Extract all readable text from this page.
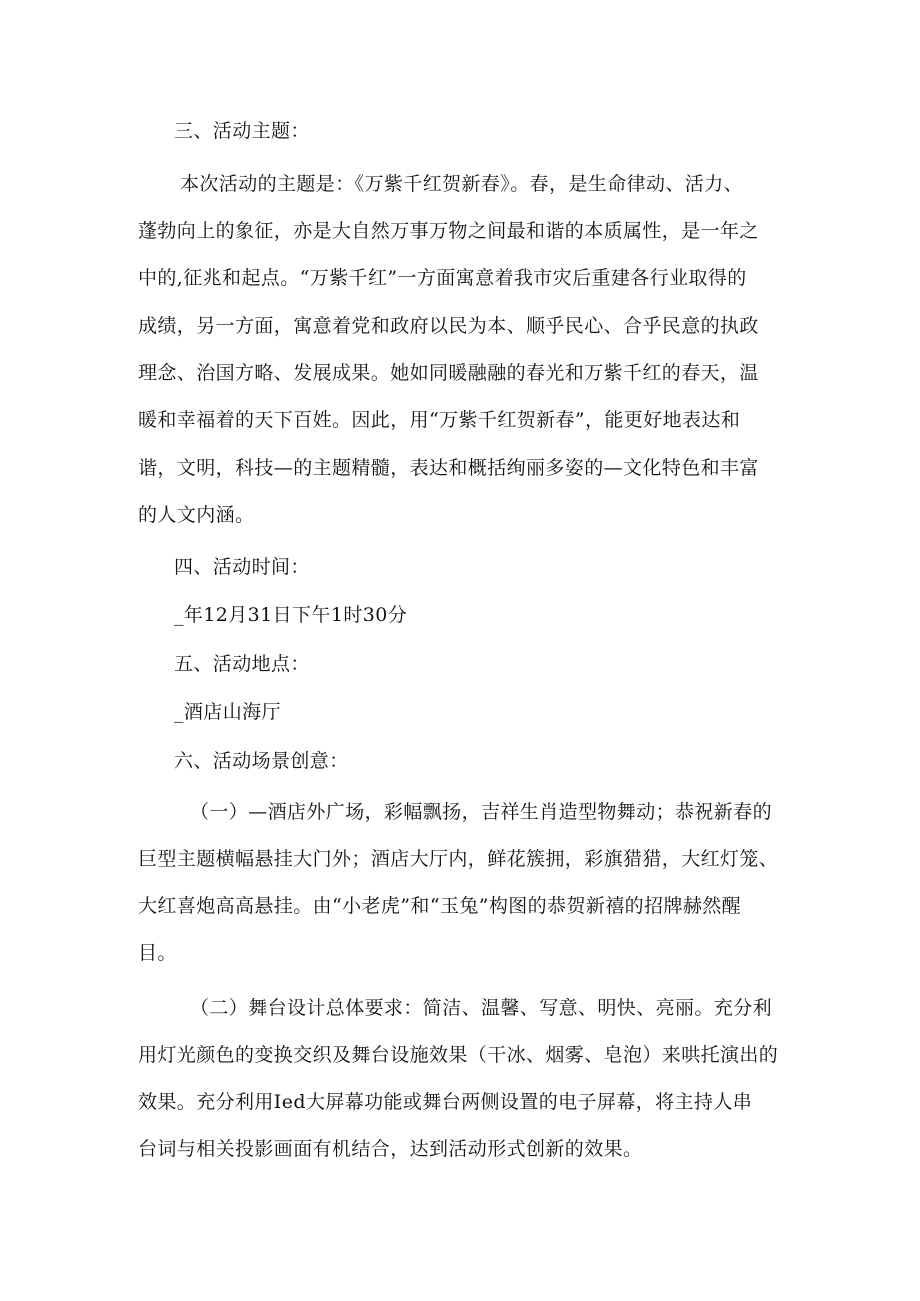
三、活动主题：

本次活动的主题是：《万紫千红贺新春》。春，是生命律动、活力、

蓬勃向上的象征，亦是大自然万事万物之间最和谐的本质属性，是一年之

中的,征兆和起点。“万紫千红”一方面寓意着我市灾后重建各行业取得的

成绩，另一方面，寓意着党和政府以民为本、顺乎民心、合乎民意的执政

理念、治国方略、发展成果。她如同暖融融的春光和万紫千红的春天，温

暖和幸福着的天下百姓。因此，用“万紫千红贺新春”，能更好地表达和

谐，文明，科技—的主题精髓，表达和概括绚丽多姿的—文化特色和丰富

的人文内涵。

四、活动时间：

_年12月31日下午1时30分

五、活动地点：

_酒店山海厅

六、活动场景创意：

（一）—酒店外广场，彩幅飘扬，吉祥生肖造型物舞动；恭祝新春的

巨型主题横幅悬挂大门外；酒店大厅内，鲜花簇拥，彩旗猎猎，大红灯笼、

大红喜炮高高悬挂。由“小老虎”和“玉兔”构图的恭贺新禧的招牌赫然醒

目。

（二）舞台设计总体要求：简洁、温馨、写意、明快、亮丽。充分利

用灯光颜色的变换交织及舞台设施效果（干冰、烟雾、皂泡）来哄托演出的

效果。充分利用Ied大屏幕功能或舞台两侧设置的电子屏幕，将主持人串

台词与相关投影画面有机结合，达到活动形式创新的效果。
